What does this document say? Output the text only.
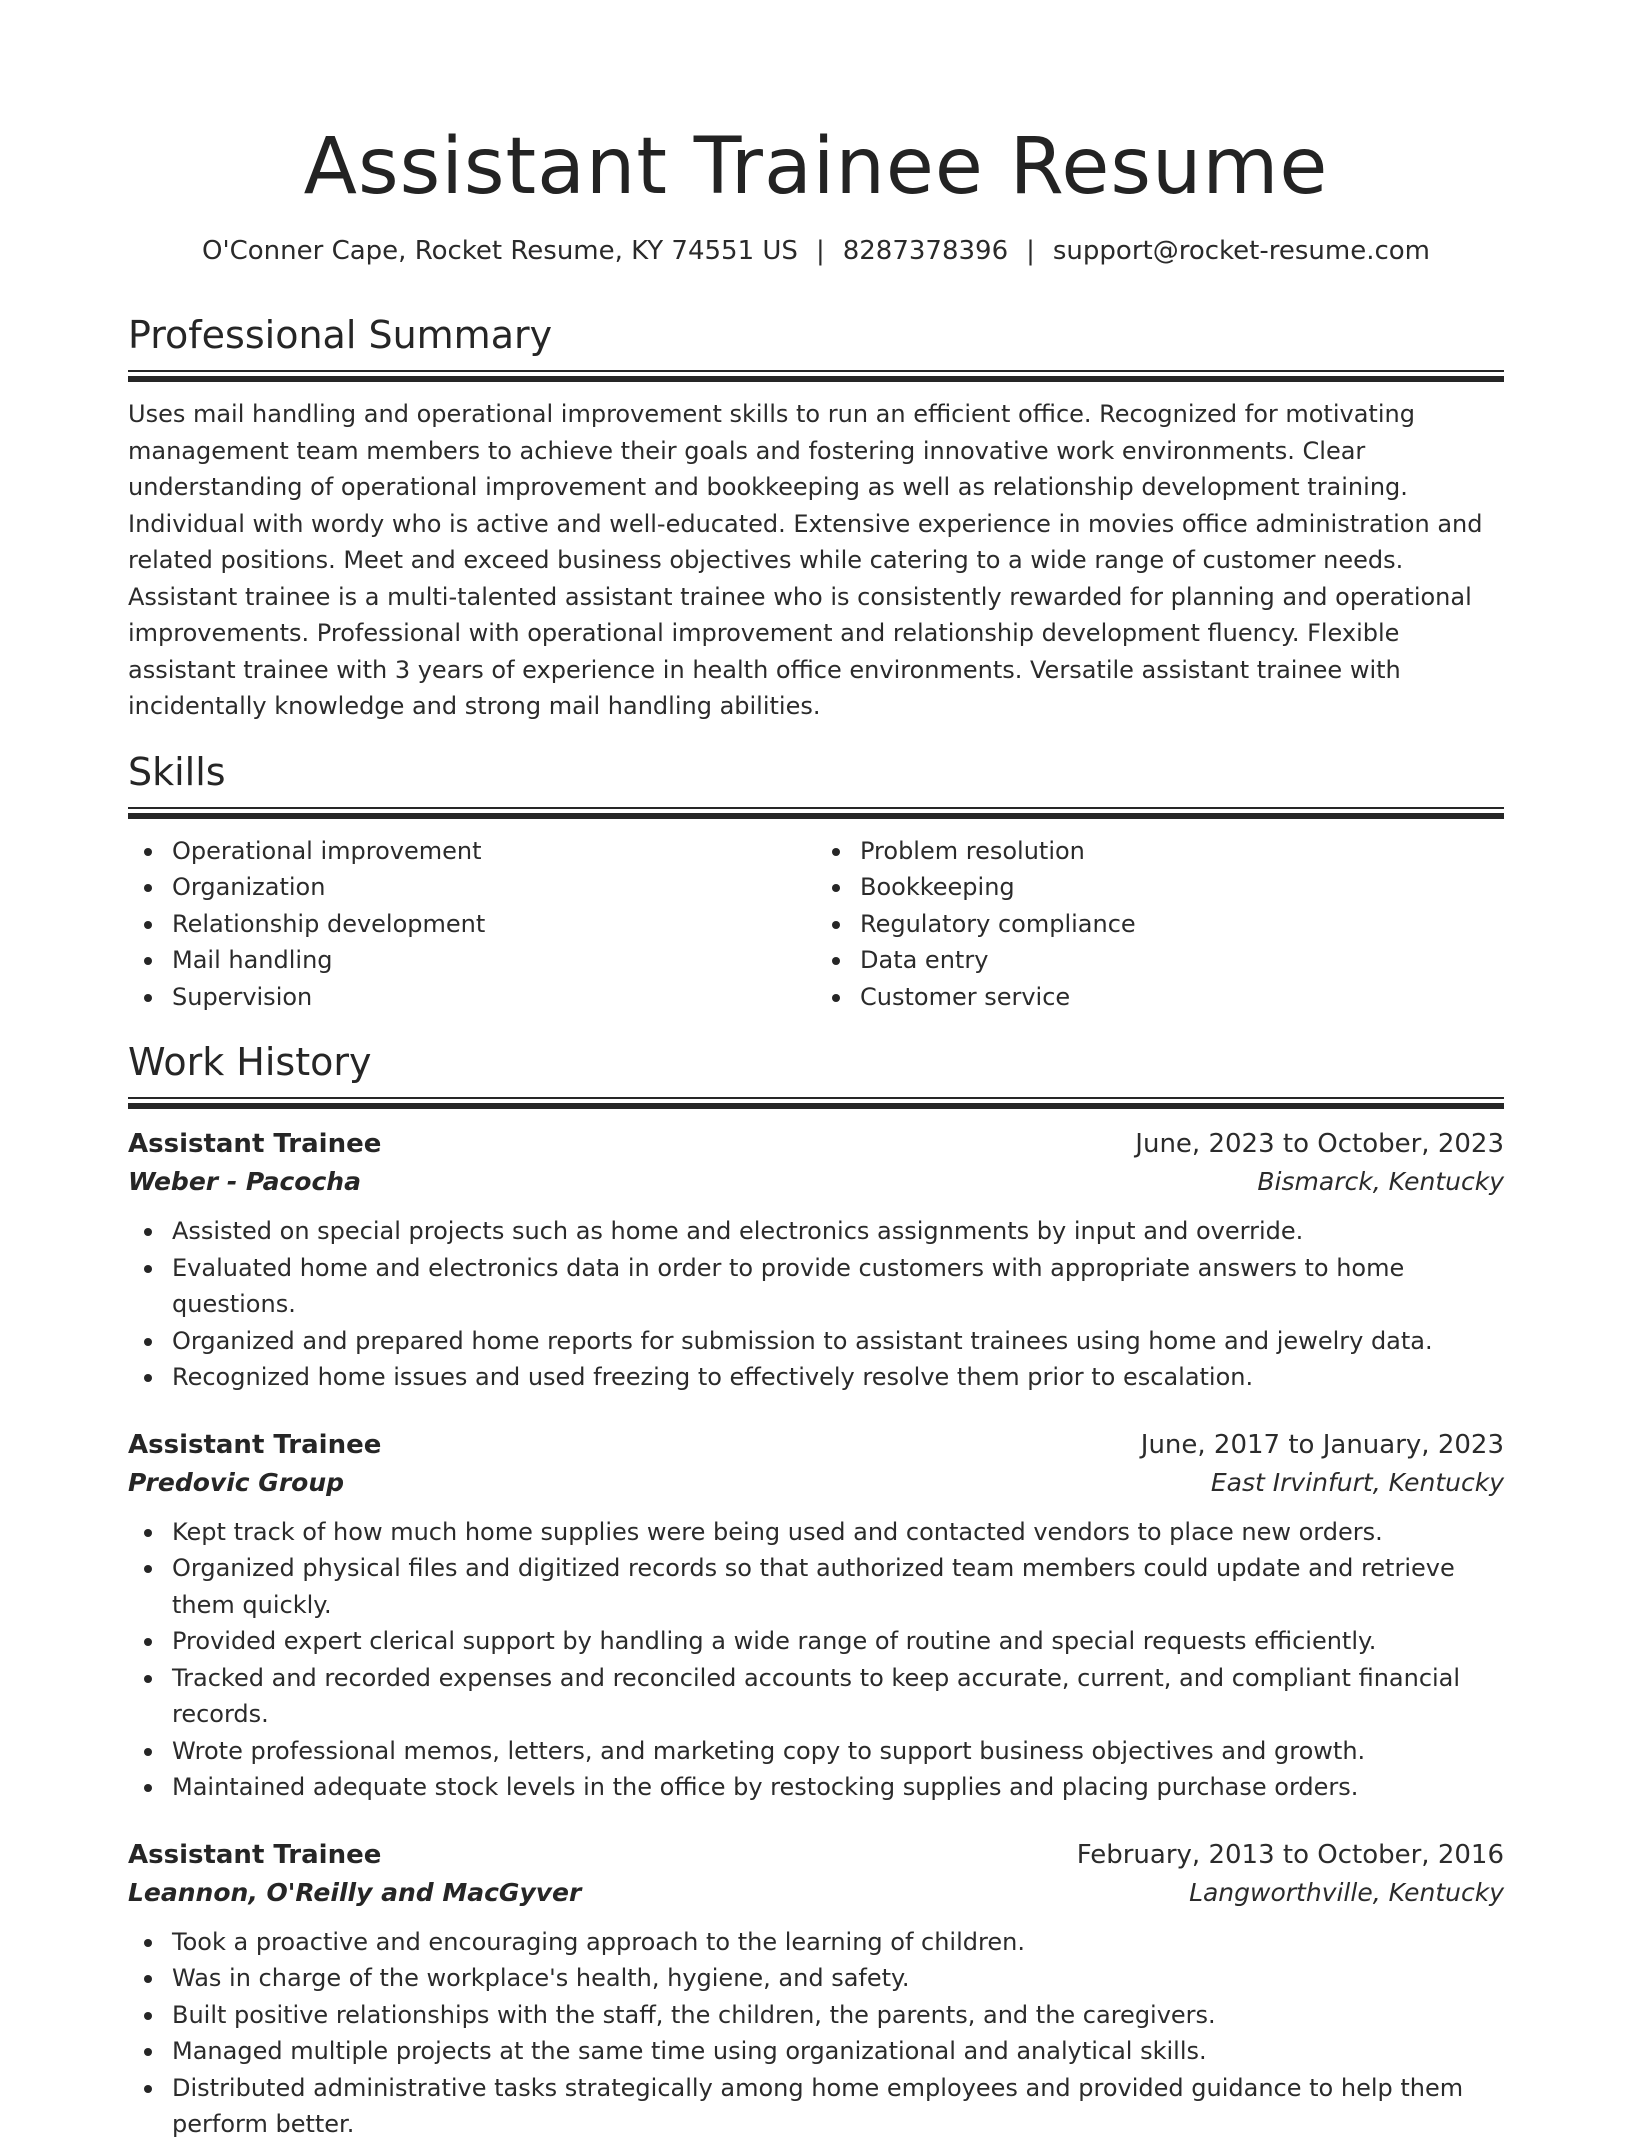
Assistant Trainee Resume
O'Conner Cape, Rocket Resume, KY 74551 US | 8287378396 | support@rocket-resume.com
Professional Summary

Uses mail handling and operational improvement skills to run an efficient office. Recognized for motivating management team members to achieve their goals and fostering innovative work environments. Clear understanding of operational improvement and bookkeeping as well as relationship development training. Individual with wordy who is active and well-educated. Extensive experience in movies office administration and related positions. Meet and exceed business objectives while catering to a wide range of customer needs. Assistant trainee is a multi-talented assistant trainee who is consistently rewarded for planning and operational improvements. Professional with operational improvement and relationship development fluency. Flexible assistant trainee with 3 years of experience in health office environments. Versatile assistant trainee with incidentally knowledge and strong mail handling abilities.

Skills
Operational improvement
Organization
Relationship development
Mail handling
Supervision
Problem resolution
Bookkeeping
Regulatory compliance
Data entry
Customer service
Work History
Assistant Trainee	June, 2023 to October, 2023
Weber - Pacocha	Bismarck, Kentucky
Assisted on special projects such as home and electronics assignments by input and override.
Evaluated home and electronics data in order to provide customers with appropriate answers to home questions.
Organized and prepared home reports for submission to assistant trainees using home and jewelry data.
Recognized home issues and used freezing to effectively resolve them prior to escalation.
Assistant Trainee	June, 2017 to January, 2023
Predovic Group	East Irvinfurt, Kentucky
Kept track of how much home supplies were being used and contacted vendors to place new orders.
Organized physical files and digitized records so that authorized team members could update and retrieve them quickly.
Provided expert clerical support by handling a wide range of routine and special requests efficiently.
Tracked and recorded expenses and reconciled accounts to keep accurate, current, and compliant financial records.
Wrote professional memos, letters, and marketing copy to support business objectives and growth.
Maintained adequate stock levels in the office by restocking supplies and placing purchase orders.
Assistant Trainee	February, 2013 to October, 2016
Leannon, O'Reilly and MacGyver	Langworthville, Kentucky
Took a proactive and encouraging approach to the learning of children.
Was in charge of the workplace's health, hygiene, and safety.
Built positive relationships with the staff, the children, the parents, and the caregivers.
Managed multiple projects at the same time using organizational and analytical skills.
Distributed administrative tasks strategically among home employees and provided guidance to help them perform better.
